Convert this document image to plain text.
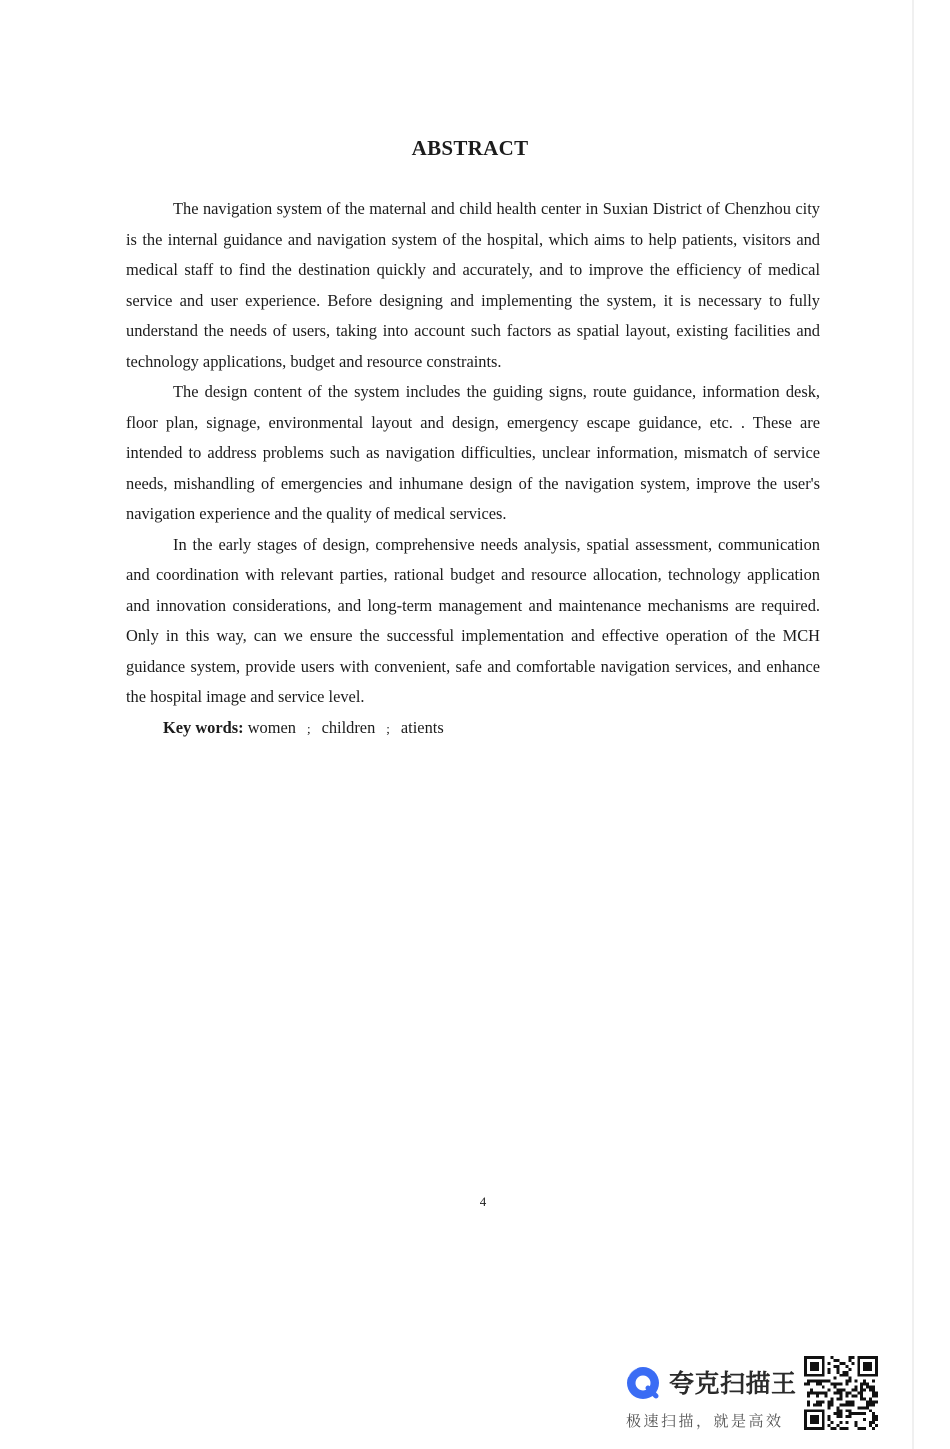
ABSTRACT

The navigation system of the maternal and child health center in Suxian District of Chenzhou city is the internal guidance and navigation system of the hospital, which aims to help patients, visitors and medical staff to find the destination quickly and accurately, and to improve the efficiency of medical service and user experience. Before designing and implementing the system, it is necessary to fully understand the needs of users, taking into account such factors as spatial layout, existing facilities and technology applications, budget and resource constraints.

The design content of the system includes the guiding signs, route guidance, information desk, floor plan, signage, environmental layout and design, emergency escape guidance, etc. . These are intended to address problems such as navigation difficulties, unclear information, mismatch of service needs, mishandling of emergencies and inhumane design of the navigation system, improve the user's navigation experience and the quality of medical services.

In the early stages of design, comprehensive needs analysis, spatial assessment, communication and coordination with relevant parties, rational budget and resource allocation, technology application and innovation considerations, and long-term management and maintenance mechanisms are required. Only in this way, can we ensure the successful implementation and effective operation of the MCH guidance system, provide users with convenient, safe and comfortable navigation services, and enhance the hospital image and service level.

Key words: women ; children ; atients

4
夸克扫描王
极速扫描，就是高效
